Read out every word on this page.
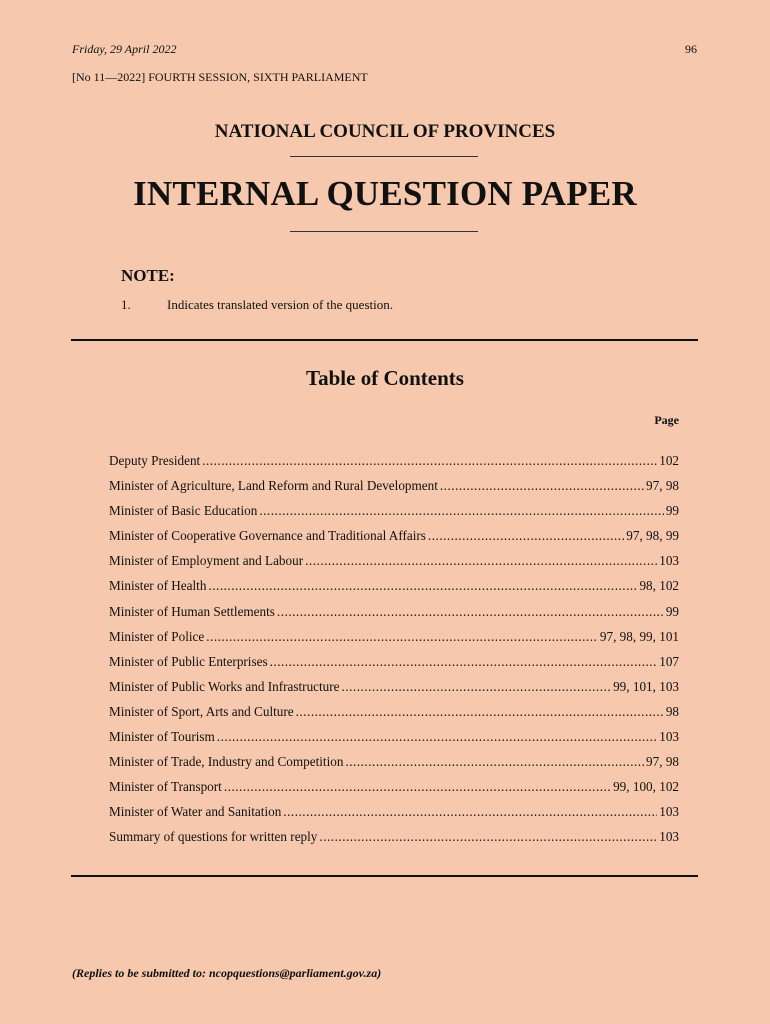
Friday, 29 April 2022	96
[No 11—2022] FOURTH SESSION, SIXTH PARLIAMENT
NATIONAL COUNCIL OF PROVINCES
INTERNAL QUESTION PAPER
NOTE:
1.	Indicates translated version of the question.
Table of Contents
Page
Deputy President .....	102
Minister of Agriculture, Land Reform and Rural Development .....	97, 98
Minister of Basic Education .....	99
Minister of Cooperative Governance and Traditional Affairs .....	97, 98, 99
Minister of Employment and Labour .....	103
Minister of Health .....	98, 102
Minister of Human Settlements .....	99
Minister of Police .....	97, 98, 99, 101
Minister of Public Enterprises .....	107
Minister of Public Works and Infrastructure .....	99, 101, 103
Minister of Sport, Arts and Culture .....	98
Minister of Tourism .....	103
Minister of Trade, Industry and Competition .....	97, 98
Minister of Transport .....	99, 100, 102
Minister of Water and Sanitation .....	103
Summary of questions for written reply .....	103
(Replies to be submitted to: ncopquestions@parliament.gov.za)
